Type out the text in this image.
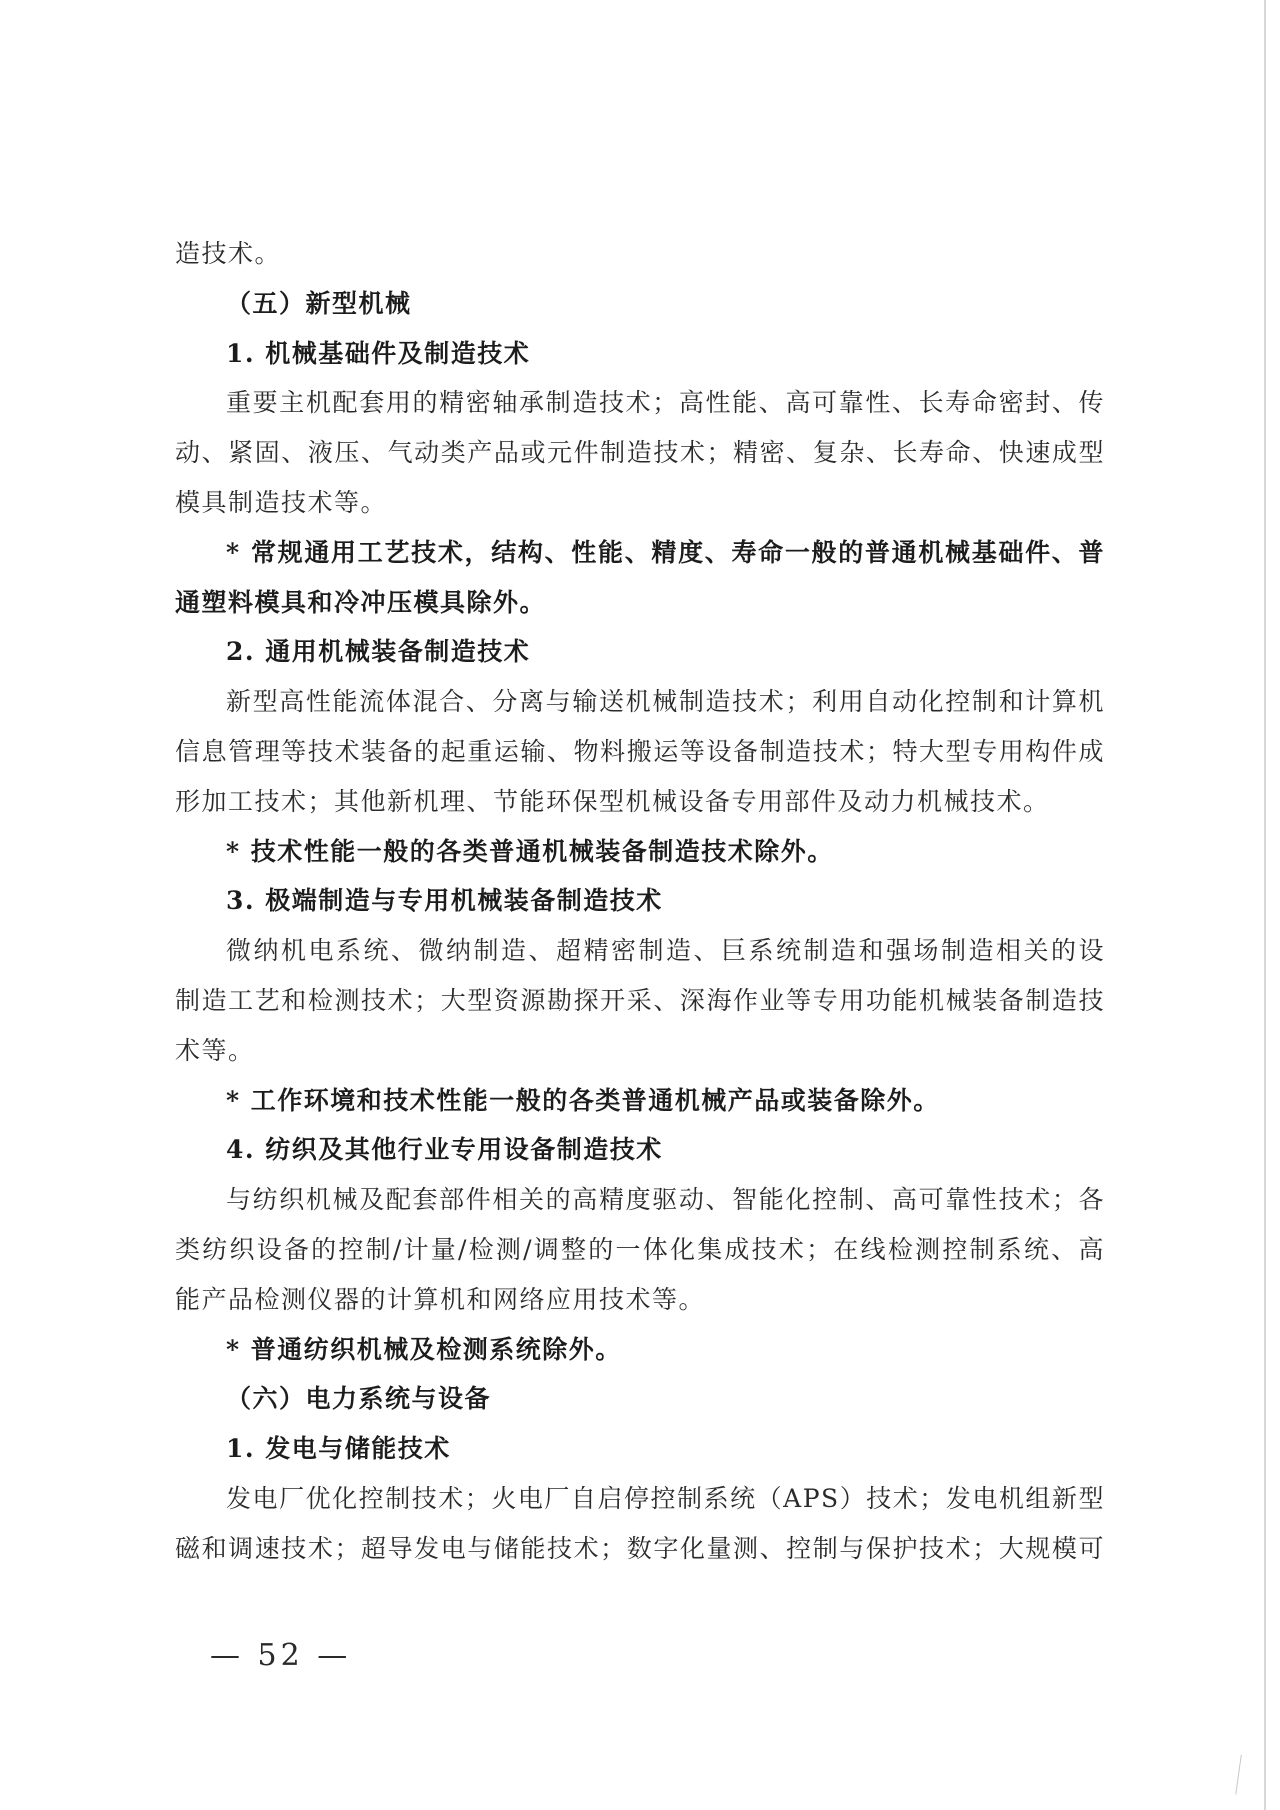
造技术。
（五）新型机械
1. 机械基础件及制造技术
重要主机配套用的精密轴承制造技术；高性能、高可靠性、长寿命密封、传
动、紧固、液压、气动类产品或元件制造技术；精密、复杂、长寿命、快速成型
模具制造技术等。
* 常规通用工艺技术，结构、性能、精度、寿命一般的普通机械基础件、普
通塑料模具和冷冲压模具除外。
2. 通用机械装备制造技术
新型高性能流体混合、分离与输送机械制造技术；利用自动化控制和计算机
信息管理等技术装备的起重运输、物料搬运等设备制造技术；特大型专用构件成
形加工技术；其他新机理、节能环保型机械设备专用部件及动力机械技术。
* 技术性能一般的各类普通机械装备制造技术除外。
3. 极端制造与专用机械装备制造技术
微纳机电系统、微纳制造、超精密制造、巨系统制造和强场制造相关的设
制造工艺和检测技术；大型资源勘探开采、深海作业等专用功能机械装备制造技
术等。
* 工作环境和技术性能一般的各类普通机械产品或装备除外。
4. 纺织及其他行业专用设备制造技术
与纺织机械及配套部件相关的高精度驱动、智能化控制、高可靠性技术；各
类纺织设备的控制/计量/检测/调整的一体化集成技术；在线检测控制系统、高
能产品检测仪器的计算机和网络应用技术等。
* 普通纺织机械及检测系统除外。
（六）电力系统与设备
1. 发电与储能技术
发电厂优化控制技术；火电厂自启停控制系统（APS）技术；发电机组新型
磁和调速技术；超导发电与储能技术；数字化量测、控制与保护技术；大规模可
— 52 —
